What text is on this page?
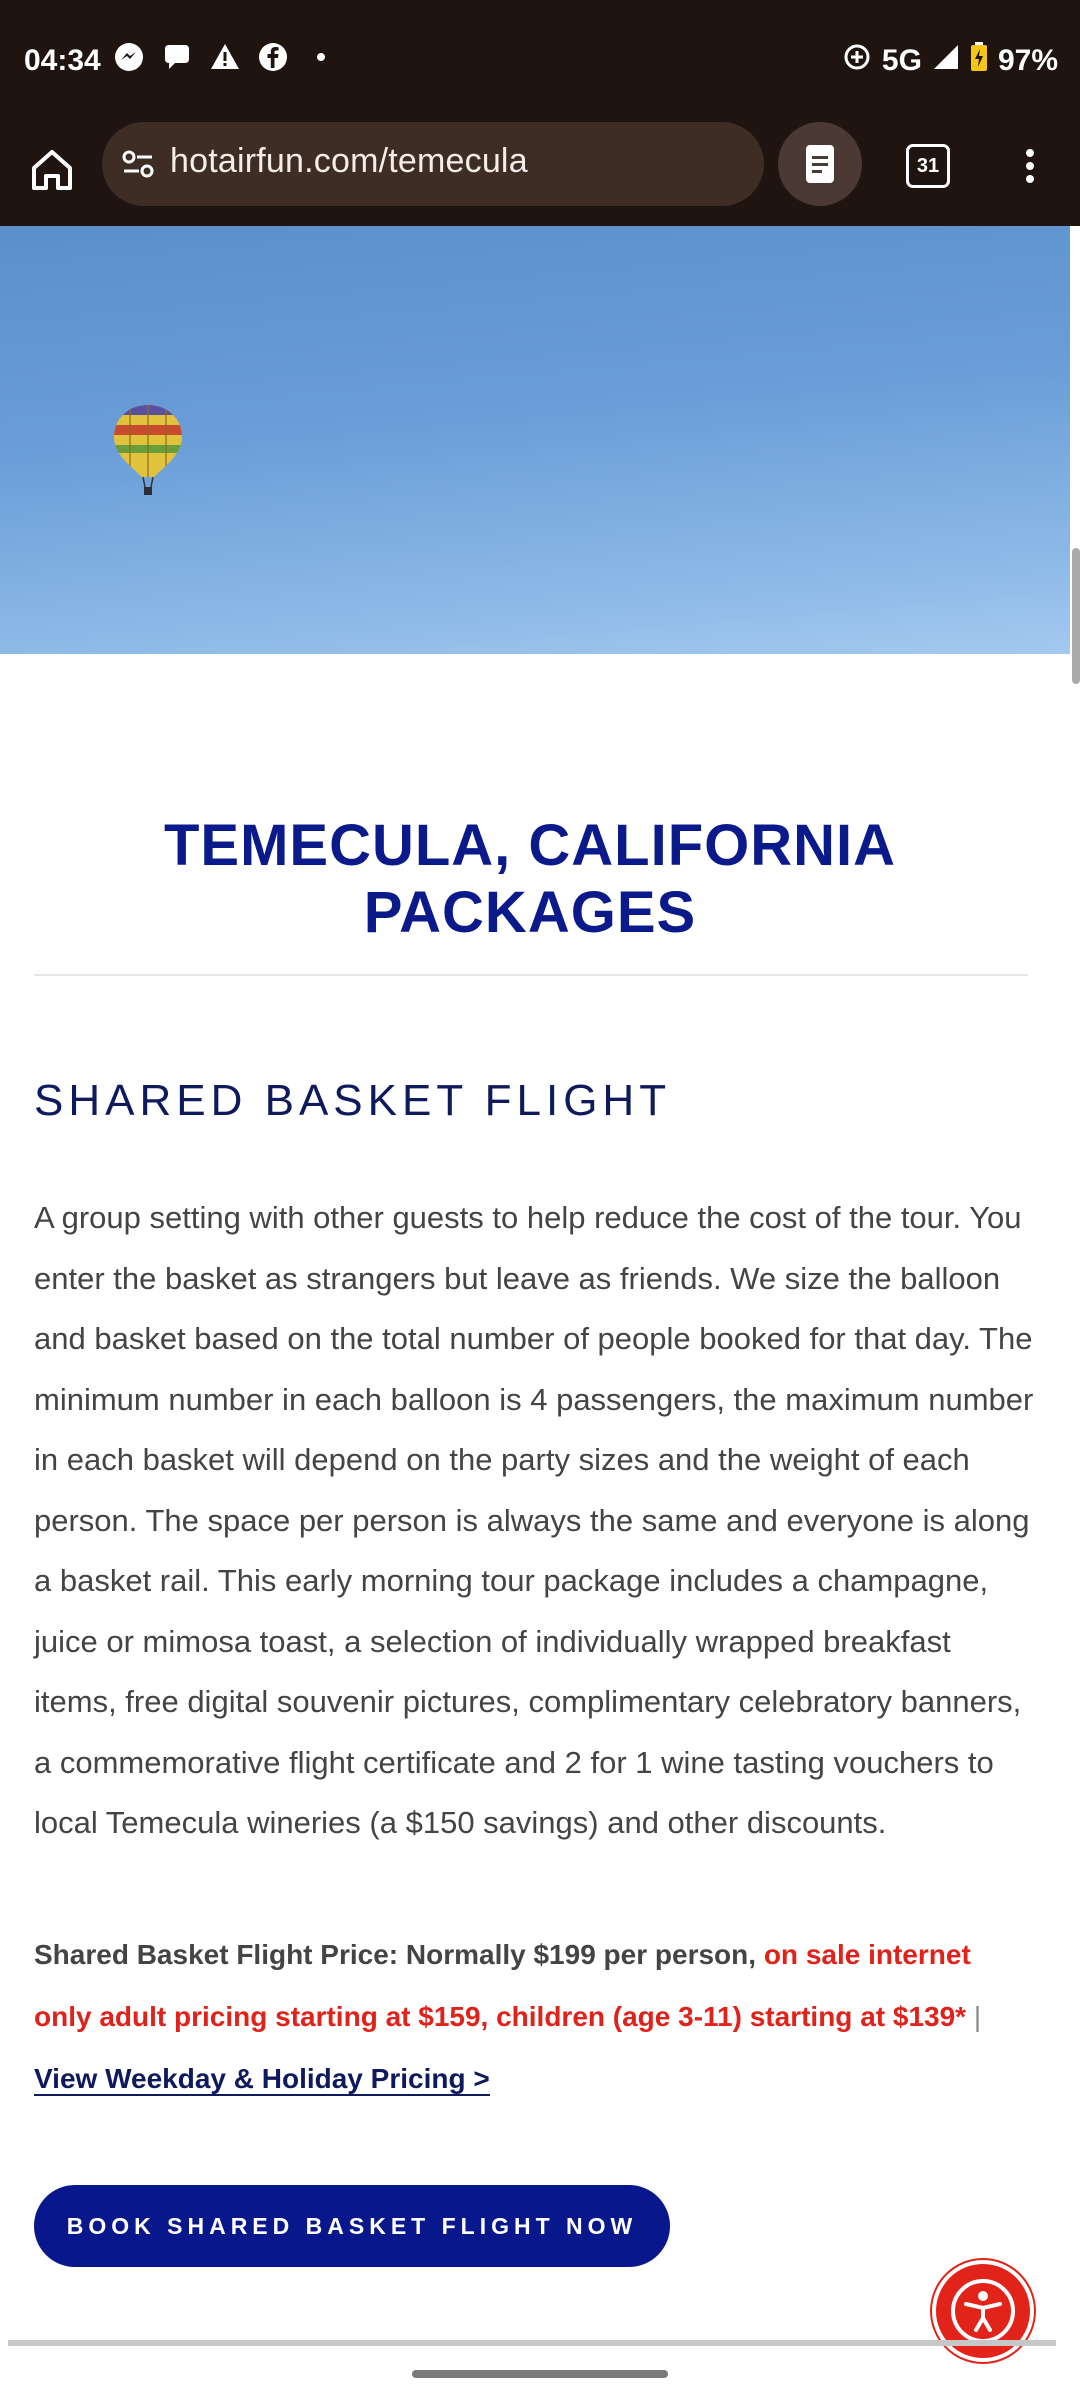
04:34	5G	97%
hotairfun.com/temecula	31
TEMECULA, CALIFORNIA PACKAGES
SHARED BASKET FLIGHT
A group setting with other guests to help reduce the cost of the tour. You enter the basket as strangers but leave as friends. We size the balloon and basket based on the total number of people booked for that day. The minimum number in each balloon is 4 passengers, the maximum number in each basket will depend on the party sizes and the weight of each person. The space per person is always the same and everyone is along a basket rail. This early morning tour package includes a champagne, juice or mimosa toast, a selection of individually wrapped breakfast items, free digital souvenir pictures, complimentary celebratory banners, a commemorative flight certificate and 2 for 1 wine tasting vouchers to local Temecula wineries (a $150 savings) and other discounts.
Shared Basket Flight Price: Normally $199 per person, on sale internet only adult pricing starting at $159, children (age 3-11) starting at $139* | View Weekday & Holiday Pricing >
BOOK SHARED BASKET FLIGHT NOW
